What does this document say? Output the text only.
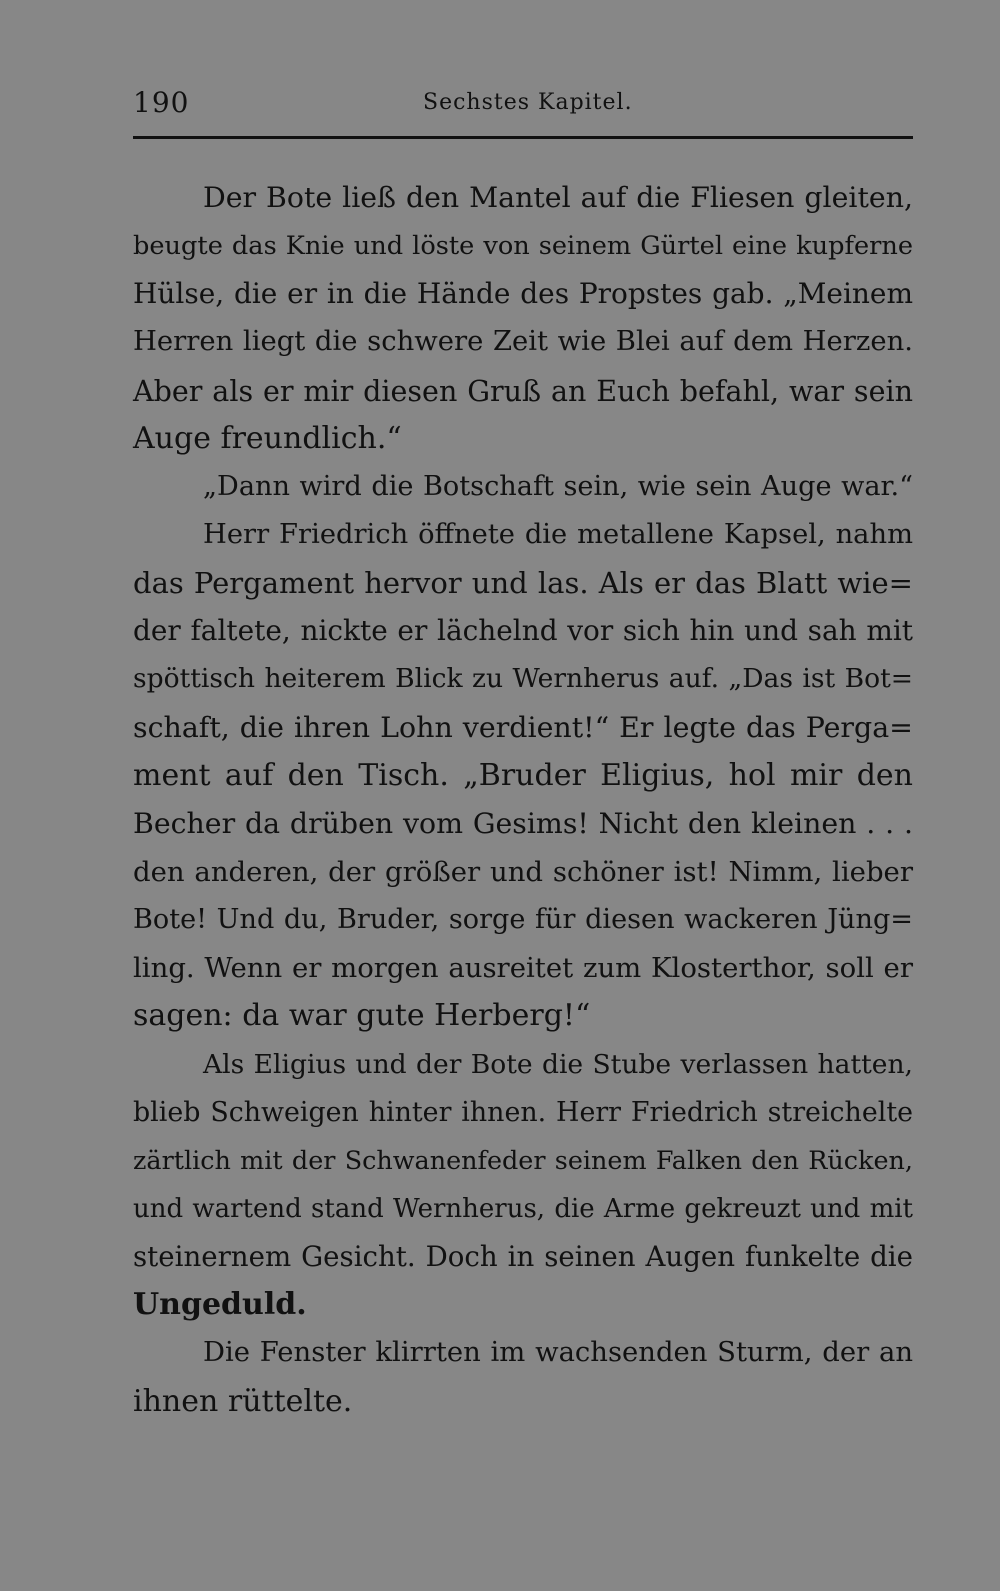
190	Sechstes Kapitel.
Der Bote ließ den Mantel auf die Fliesen gleiten,
beugte das Knie und löste von seinem Gürtel eine kupferne
Hülse, die er in die Hände des Propstes gab. „Meinem
Herren liegt die schwere Zeit wie Blei auf dem Herzen.
Aber als er mir diesen Gruß an Euch befahl, war sein
Auge freundlich.“
„Dann wird die Botschaft sein, wie sein Auge war.“
Herr Friedrich öffnete die metallene Kapsel, nahm
das Pergament hervor und las. Als er das Blatt wie=
der faltete, nickte er lächelnd vor sich hin und sah mit
spöttisch heiterem Blick zu Wernherus auf. „Das ist Bot=
schaft, die ihren Lohn verdient!“ Er legte das Perga=
ment auf den Tisch. „Bruder Eligius, hol mir den
Becher da drüben vom Gesims! Nicht den kleinen . . .
den anderen, der größer und schöner ist! Nimm, lieber
Bote! Und du, Bruder, sorge für diesen wackeren Jüng=
ling. Wenn er morgen ausreitet zum Klosterthor, soll er
sagen: da war gute Herberg!“
Als Eligius und der Bote die Stube verlassen hatten,
blieb Schweigen hinter ihnen. Herr Friedrich streichelte
zärtlich mit der Schwanenfeder seinem Falken den Rücken,
und wartend stand Wernherus, die Arme gekreuzt und mit
steinernem Gesicht. Doch in seinen Augen funkelte die
Ungeduld.
Die Fenster klirrten im wachsenden Sturm, der an
ihnen rüttelte.
